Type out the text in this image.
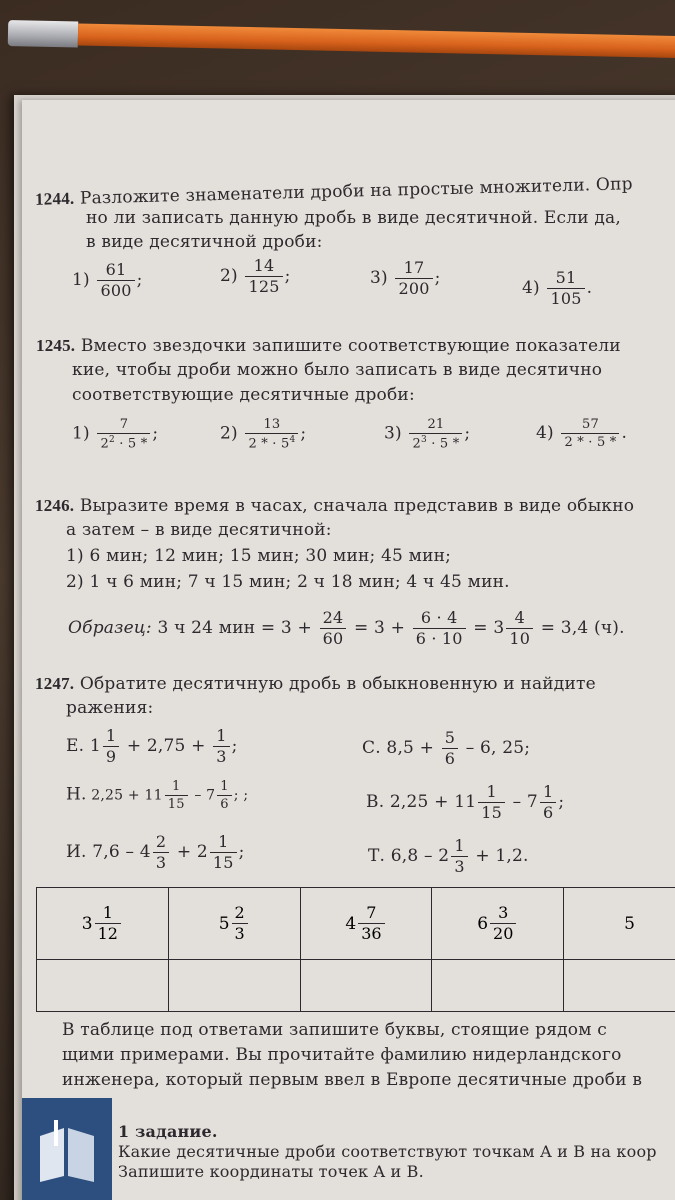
1244. Разложите знаменатели дроби на простые множители. Опр
но ли записать данную дробь в виде десятичной. Если да,
в виде десятичной дроби:
$1) \frac{61}{600}$ ;	$2) \frac{14}{125}$ ;	$3) \frac{17}{200}$ ;	$4) \frac{51}{105}$ .
1245. Вместо звездочки запишите соответствующие показатели
кие, чтобы дроби можно было записать в виде десятично
соответствующие десятичные дроби:
$1) \frac{7}{2^2 \cdot 5 *}$ ;	$2) \frac{13}{2 * \cdot 5^4}$ ;	$3) \frac{21}{2^3 \cdot 5 *}$ ;	$4) \frac{57}{2 * \cdot 5 *}$ .
1246. Выразите время в часах, сначала представив в виде обыкно
а затем – в виде десятичной:
1) 6 мин; 12 мин; 15 мин; 30 мин; 45 мин;
2) 1 ч 6 мин; 7 ч 15 мин; 2 ч 18 мин; 4 ч 45 мин.
Образец: 3 ч 24 мин = $3 + \frac{24}{60} = 3 + \frac{6 \cdot 4}{6 \cdot 10} = 3 \frac{4}{10} = 3,4$ (ч).
1247. Обратите десятичную дробь в обыкновенную и найдите
ражения:
Е. $1 \frac{1}{9} + 2,75 + \frac{1}{3}$ ;	С. $8,5 + \frac{5}{6} - 6$, 25;
Н. $2,25 + 11 \frac{1}{15} - 7 \frac{1}{6}$ ; ;	В. $2,25 + 11 \frac{1}{15} - 7 \frac{1}{6}$ ;
И. $7,6 - 4 \frac{2}{3} + 2 \frac{1}{15}$ ;	Т. $6,8 - 2 \frac{1}{3} + 1,2$.
$3 \frac{1}{12}$	$5 \frac{2}{3}$	$4 \frac{7}{36}$	$6 \frac{3}{20}$	5

В таблице под ответами запишите буквы, стоящие рядом с
щими примерами. Вы прочитайте фамилию нидерландского
инженера, который первым ввел в Европе десятичные дроби в
1 задание.
Какие десятичные дроби соответствуют точкам A и B на коор
Запишите координаты точек A и B.
